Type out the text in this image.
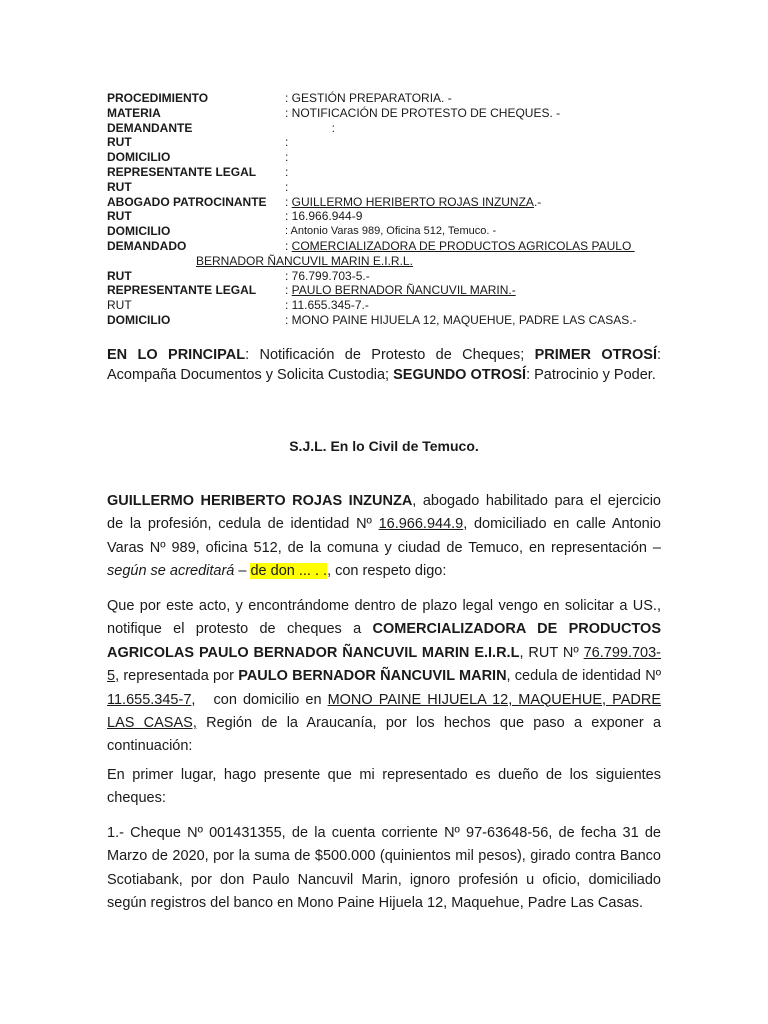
PROCEDIMIENTO	: GESTIÓN PREPARATORIA. -
MATERIA	: NOTIFICACIÓN DE PROTESTO DE CHEQUES. -
DEMANDANTE	:
RUT	:
DOMICILIO	:
REPRESENTANTE LEGAL	:
RUT	:
ABOGADO PATROCINANTE	: GUILLERMO HERIBERTO ROJAS INZUNZA.-
RUT	: 16.966.944-9
DOMICILIO	: Antonio Varas 989, Oficina 512, Temuco. -
DEMANDADO	: COMERCIALIZADORA DE PRODUCTOS AGRICOLAS PAULO
BERNADOR ÑANCUVIL MARIN E.I.R.L.
RUT	: 76.799.703-5.-
REPRESENTANTE LEGAL	: PAULO BERNADOR ÑANCUVIL MARIN.-
RUT	: 11.655.345-7.-
DOMICILIO	: MONO PAINE HIJUELA 12, MAQUEHUE, PADRE LAS CASAS.-
EN LO PRINCIPAL: Notificación de Protesto de Cheques; PRIMER OTROSÍ: Acompaña Documentos y Solicita Custodia; SEGUNDO OTROSÍ: Patrocinio y Poder.
S.J.L. En lo Civil de Temuco.
GUILLERMO HERIBERTO ROJAS INZUNZA, abogado habilitado para el ejercicio de la profesión, cedula de identidad Nº 16.966.944.9, domiciliado en calle Antonio Varas Nº 989, oficina 512, de la comuna y ciudad de Temuco, en representación – según se acreditará – de don ... . ., con respeto digo:
Que por este acto, y encontrándome dentro de plazo legal vengo en solicitar a US., notifique el protesto de cheques a COMERCIALIZADORA DE PRODUCTOS AGRICOLAS PAULO BERNADOR ÑANCUVIL MARIN E.I.R.L, RUT Nº 76.799.703-5, representada por PAULO BERNADOR ÑANCUVIL MARIN, cedula de identidad Nº  11.655.345-7,   con domicilio en MONO PAINE HIJUELA 12, MAQUEHUE, PADRE LAS CASAS, Región de la Araucanía, por los hechos que paso a exponer a continuación:
En primer lugar, hago presente que mi representado es dueño de los siguientes cheques:
1.- Cheque Nº 001431355, de la cuenta corriente Nº 97-63648-56, de fecha 31 de Marzo de 2020, por la suma de $500.000 (quinientos mil pesos), girado contra Banco Scotiabank, por don Paulo Nancuvil Marin, ignoro profesión u oficio, domiciliado según registros del banco en Mono Paine Hijuela 12, Maquehue, Padre Las Casas.
